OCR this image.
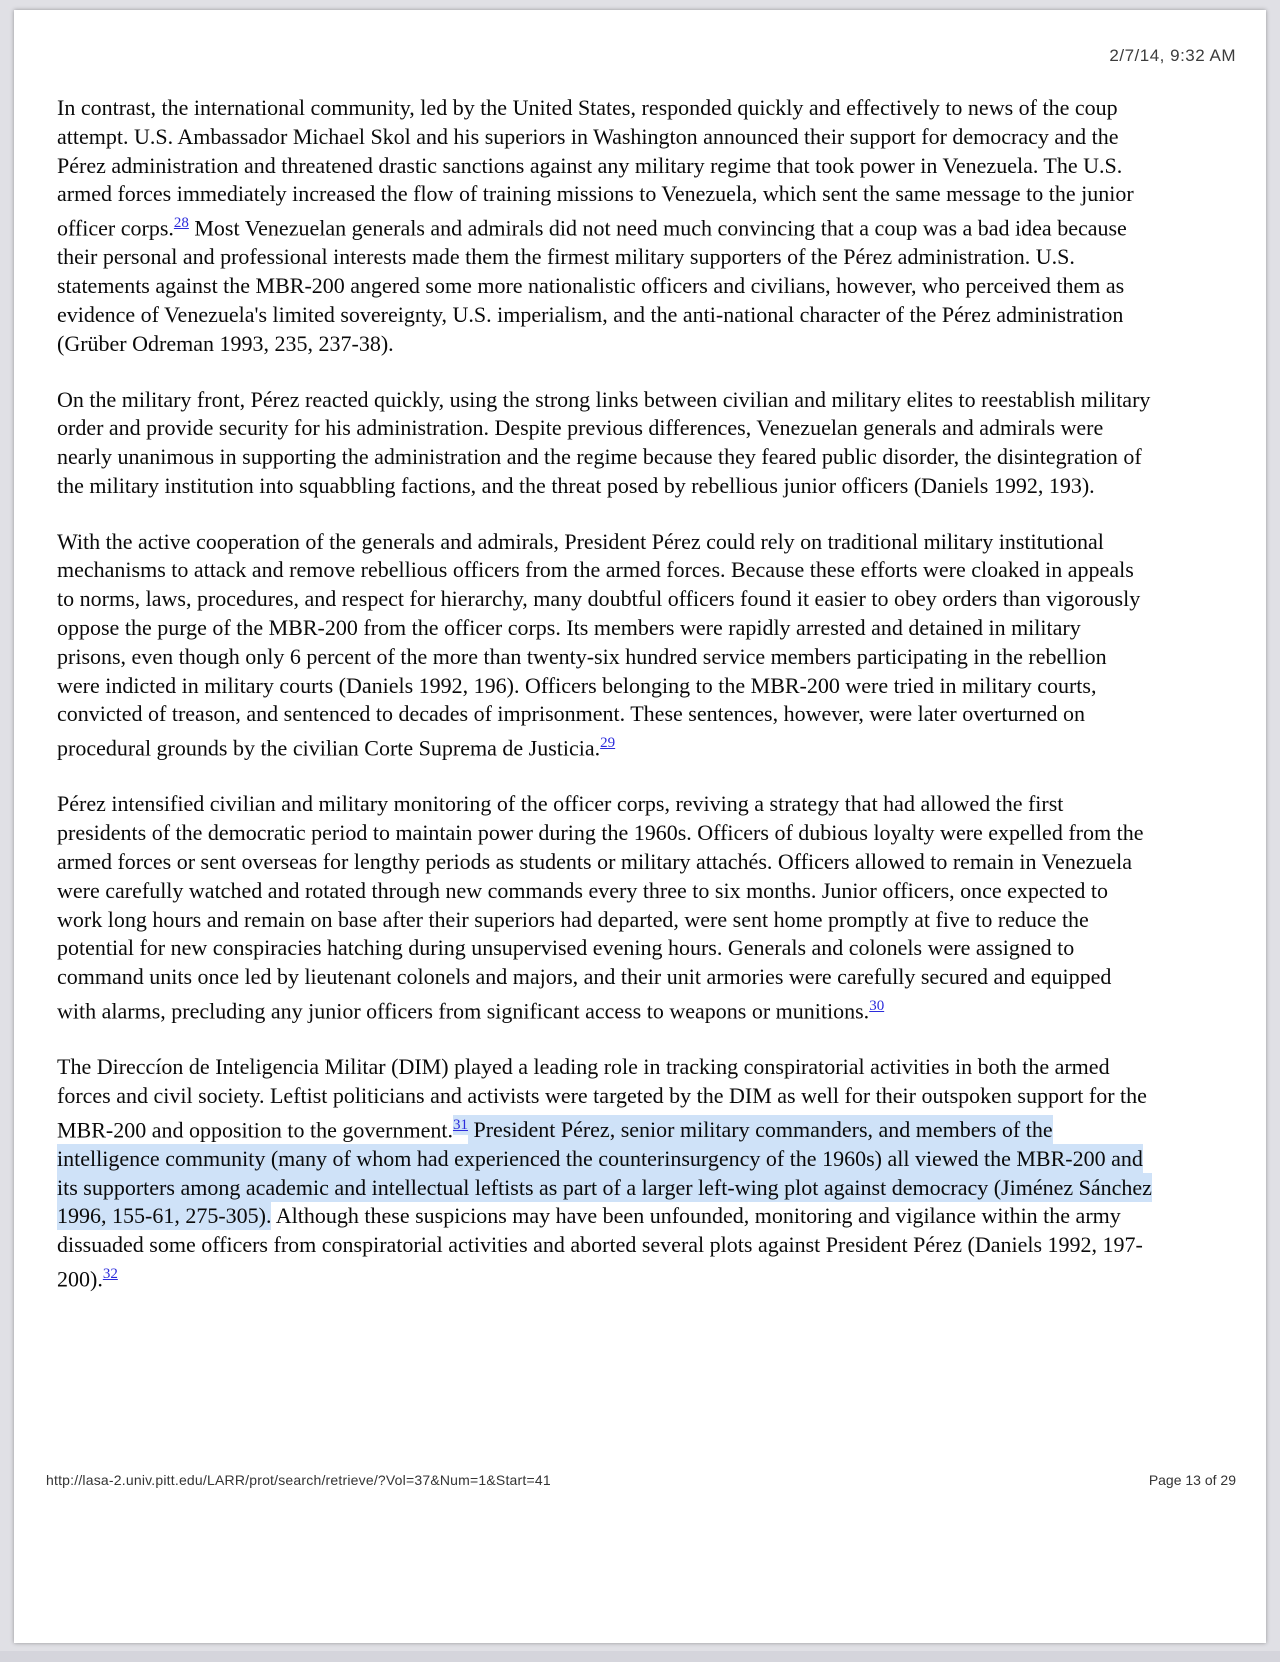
2/7/14, 9:32 AM

In contrast, the international community, led by the United States, responded quickly and effectively to news of the coup attempt. U.S. Ambassador Michael Skol and his superiors in Washington announced their support for democracy and the Pérez administration and threatened drastic sanctions against any military regime that took power in Venezuela. The U.S. armed forces immediately increased the flow of training missions to Venezuela, which sent the same message to the junior officer corps.$^{28}$ Most Venezuelan generals and admirals did not need much convincing that a coup was a bad idea because their personal and professional interests made them the firmest military supporters of the Pérez administration. U.S. statements against the MBR-200 angered some more nationalistic officers and civilians, however, who perceived them as evidence of Venezuela's limited sovereignty, U.S. imperialism, and the anti-national character of the Pérez administration (Grüber Odreman 1993, 235, 237-38).

On the military front, Pérez reacted quickly, using the strong links between civilian and military elites to reestablish military order and provide security for his administration. Despite previous differences, Venezuelan generals and admirals were nearly unanimous in supporting the administration and the regime because they feared public disorder, the disintegration of the military institution into squabbling factions, and the threat posed by rebellious junior officers (Daniels 1992, 193).

With the active cooperation of the generals and admirals, President Pérez could rely on traditional military institutional mechanisms to attack and remove rebellious officers from the armed forces. Because these efforts were cloaked in appeals to norms, laws, procedures, and respect for hierarchy, many doubtful officers found it easier to obey orders than vigorously oppose the purge of the MBR-200 from the officer corps. Its members were rapidly arrested and detained in military prisons, even though only 6 percent of the more than twenty-six hundred service members participating in the rebellion were indicted in military courts (Daniels 1992, 196). Officers belonging to the MBR-200 were tried in military courts, convicted of treason, and sentenced to decades of imprisonment. These sentences, however, were later overturned on procedural grounds by the civilian Corte Suprema de Justicia.$^{29}$

Pérez intensified civilian and military monitoring of the officer corps, reviving a strategy that had allowed the first presidents of the democratic period to maintain power during the 1960s. Officers of dubious loyalty were expelled from the armed forces or sent overseas for lengthy periods as students or military attachés. Officers allowed to remain in Venezuela were carefully watched and rotated through new commands every three to six months. Junior officers, once expected to work long hours and remain on base after their superiors had departed, were sent home promptly at five to reduce the potential for new conspiracies hatching during unsupervised evening hours. Generals and colonels were assigned to command units once led by lieutenant colonels and majors, and their unit armories were carefully secured and equipped with alarms, precluding any junior officers from significant access to weapons or munitions.$^{30}$

The Direccíon de Inteligencia Militar (DIM) played a leading role in tracking conspiratorial activities in both the armed forces and civil society. Leftist politicians and activists were targeted by the DIM as well for their outspoken support for the MBR-200 and opposition to the government.$^{31}$ President Pérez, senior military commanders, and members of the intelligence community (many of whom had experienced the counterinsurgency of the 1960s) all viewed the MBR-200 and its supporters among academic and intellectual leftists as part of a larger left-wing plot against democracy (Jiménez Sánchez 1996, 155-61, 275-305). Although these suspicions may have been unfounded, monitoring and vigilance within the army dissuaded some officers from conspiratorial activities and aborted several plots against President Pérez (Daniels 1992, 197-200).$^{32}$

http://lasa-2.univ.pitt.edu/LARR/prot/search/retrieve/?Vol=37&Num=1&Start=41	Page 13 of 29
